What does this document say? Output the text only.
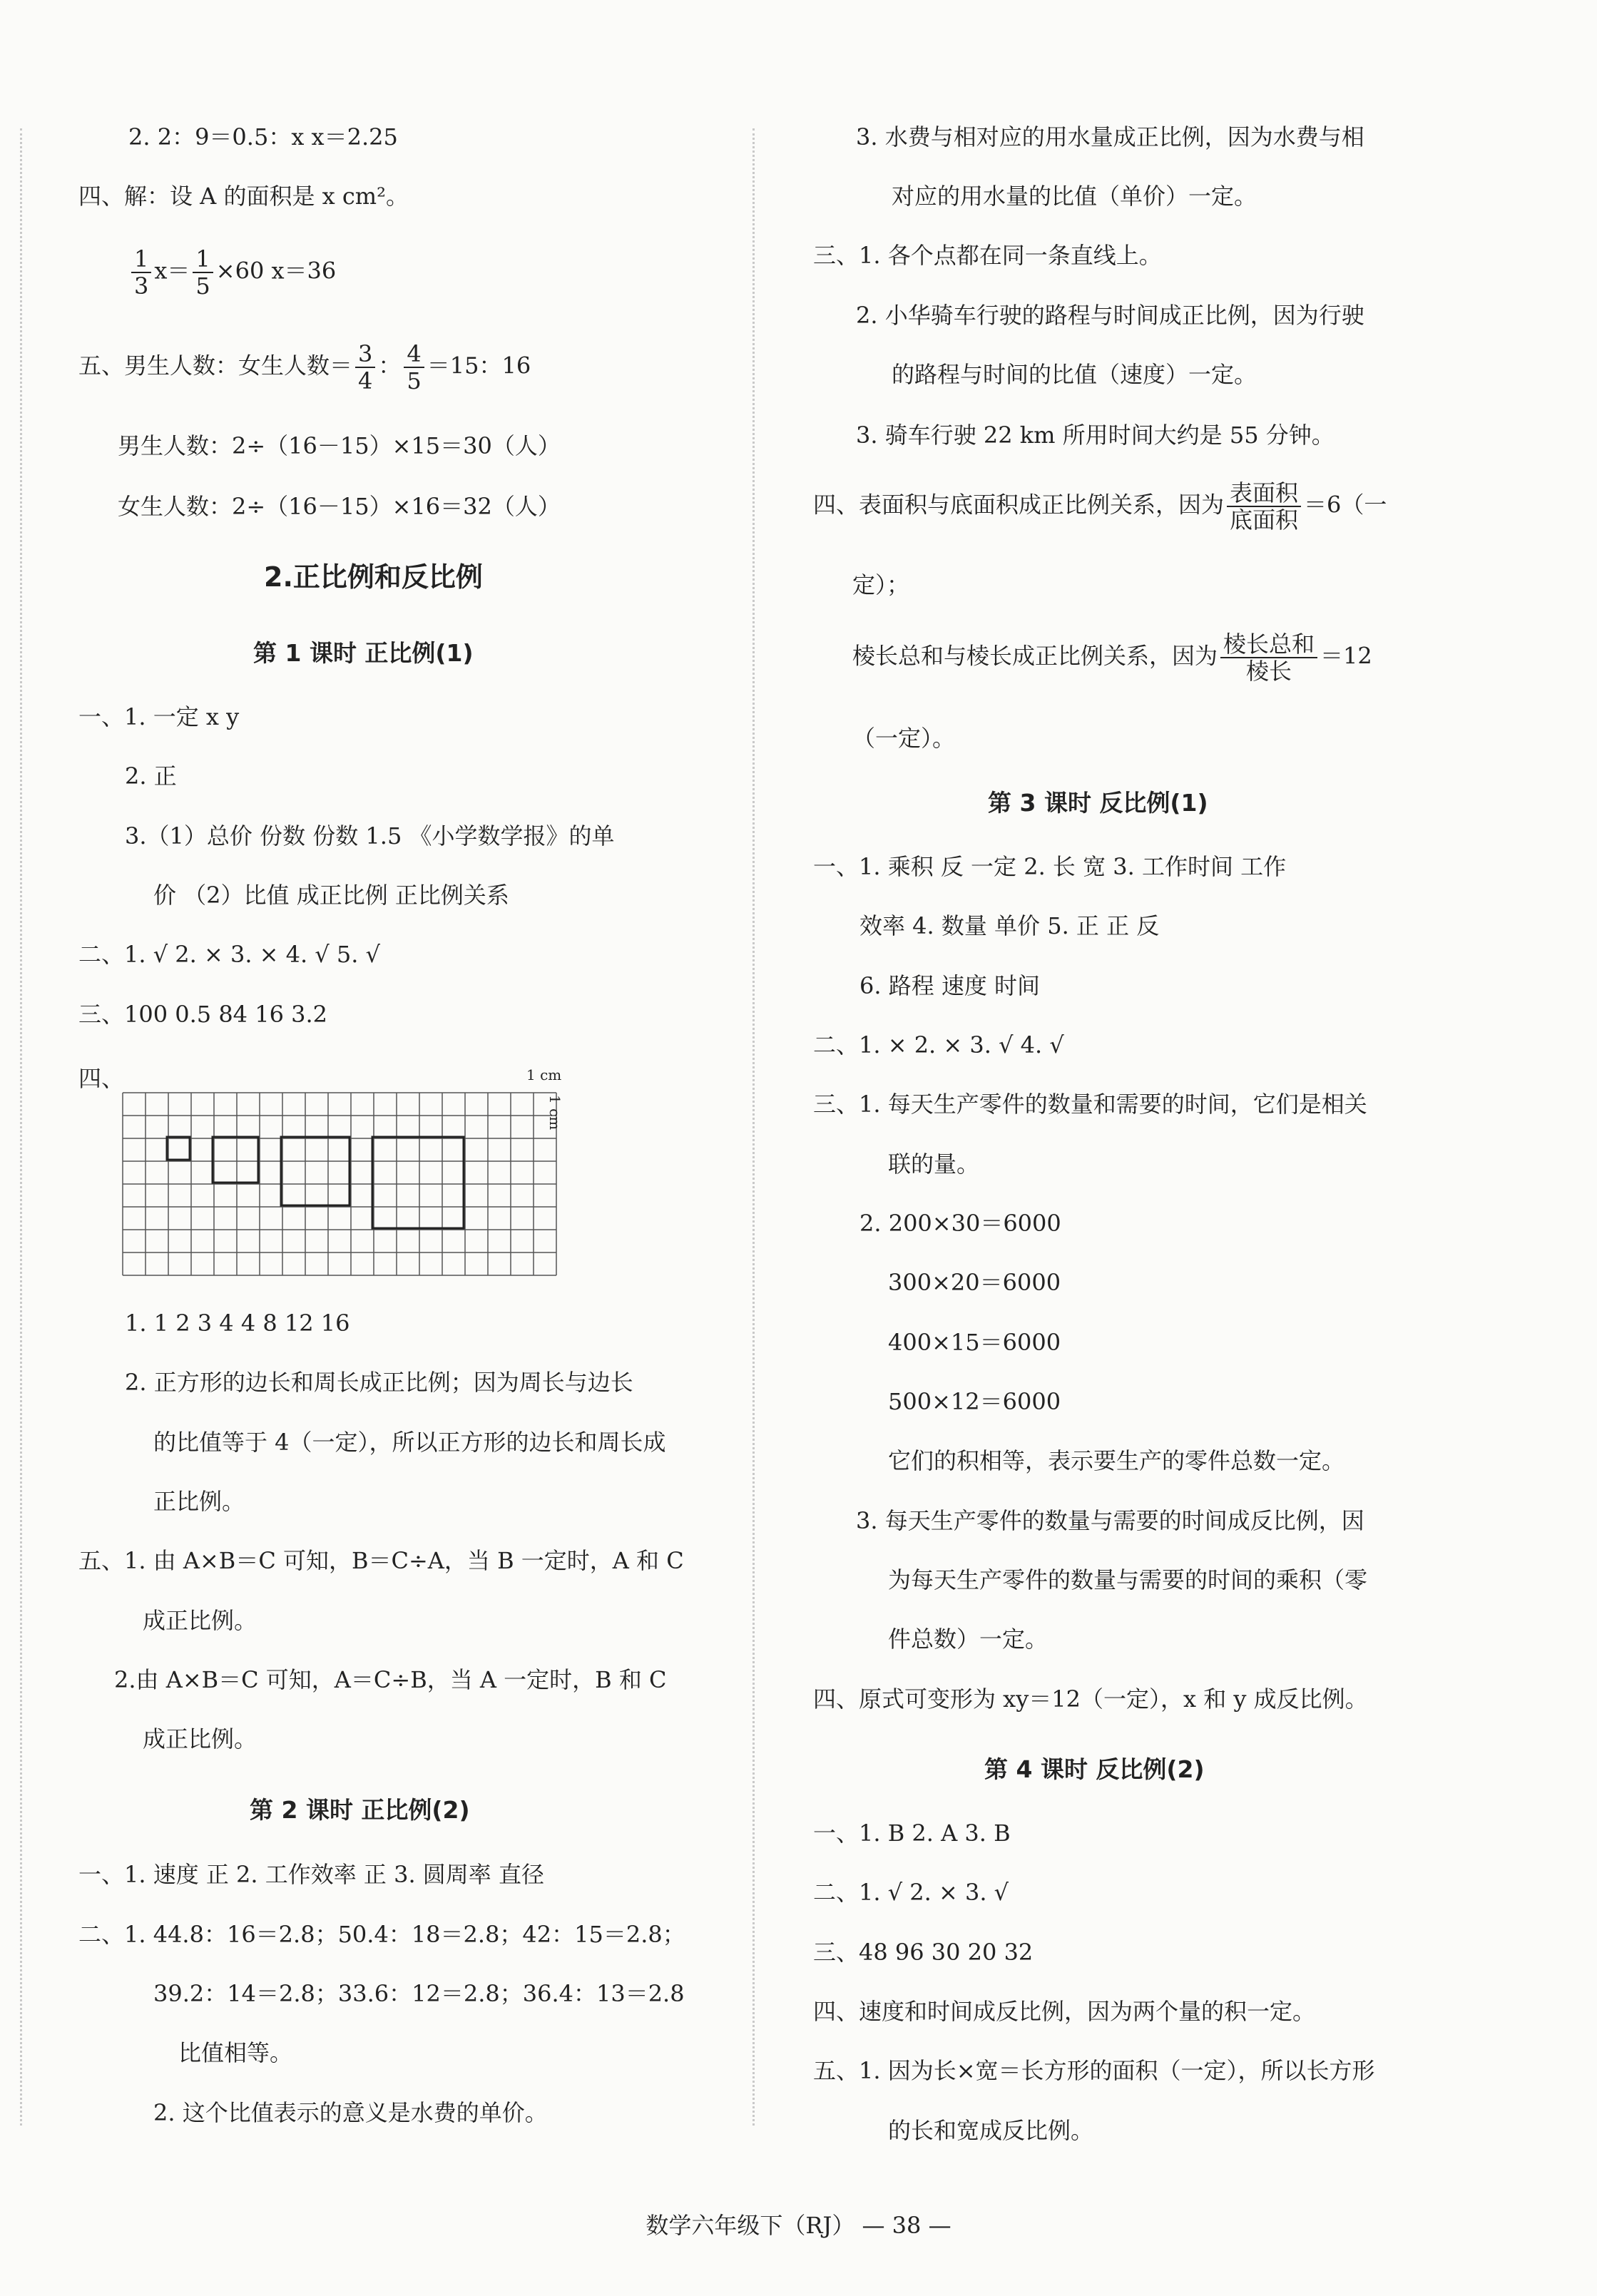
2. 2：9＝0.5：x x＝2.25
四、解：设 A 的面积是 x cm²。
$\frac{1}{3} x= \frac{1}{5} \times 60$ x＝36
五、男生人数：女生人数＝ $\frac{3}{4}$ ： $\frac{4}{5} =15$：16
男生人数：2÷（16－15）×15＝30（人）
女生人数：2÷（16－15）×16＝32（人）
2.正比例和反比例
第 1 课时 正比例(1)
一、1. 一定 x y
2. 正
3.（1）总价 份数 份数 1.5 《小学数学报》的单
价 （2）比值 成正比例 正比例关系
二、1. √ 2. × 3. × 4. √ 5. √
三、100 0.5 84 16 3.2
四、
1. 1 2 3 4 4 8 12 16
2. 正方形的边长和周长成正比例；因为周长与边长
的比值等于 4（一定），所以正方形的边长和周长成
正比例。
五、1. 由 A×B＝C 可知，B＝C÷A，当 B 一定时，A 和 C
成正比例。
2.由 A×B＝C 可知，A＝C÷B，当 A 一定时，B 和 C
成正比例。
第 2 课时 正比例(2)
一、1. 速度 正 2. 工作效率 正 3. 圆周率 直径
二、1. 44.8：16＝2.8；50.4：18＝2.8；42：15＝2.8；
39.2：14＝2.8；33.6：12＝2.8；36.4：13＝2.8
比值相等。
2. 这个比值表示的意义是水费的单价。
1 cm
1 cm
3. 水费与相对应的用水量成正比例，因为水费与相
对应的用水量的比值（单价）一定。
三、1. 各个点都在同一条直线上。
2. 小华骑车行驶的路程与时间成正比例，因为行驶
的路程与时间的比值（速度）一定。
3. 骑车行驶 22 km 所用时间大约是 55 分钟。
四、表面积与底面积成正比例关系，因为 $\frac{\text{表面积}}{\text{底面积}} =6$（一
定）；
棱长总和与棱长成正比例关系，因为 $\frac{\text{棱长总和}}{\text{棱长}} =12$
（一定）。
第 3 课时 反比例(1)
一、1. 乘积 反 一定 2. 长 宽 3. 工作时间 工作
效率 4. 数量 单价 5. 正 正 反
6. 路程 速度 时间
二、1. × 2. × 3. √ 4. √
三、1. 每天生产零件的数量和需要的时间，它们是相关
联的量。
2. 200×30＝6000
300×20＝6000
400×15＝6000
500×12＝6000
它们的积相等，表示要生产的零件总数一定。
3. 每天生产零件的数量与需要的时间成反比例，因
为每天生产零件的数量与需要的时间的乘积（零
件总数）一定。
四、原式可变形为 xy＝12（一定），x 和 y 成反比例。
第 4 课时 反比例(2)
一、1. B 2. A 3. B
二、1. √ 2. × 3. √
三、48 96 30 20 32
四、速度和时间成反比例，因为两个量的积一定。
五、1. 因为长×宽＝长方形的面积（一定），所以长方形
的长和宽成反比例。
数学六年级下（RJ） — 38 —
